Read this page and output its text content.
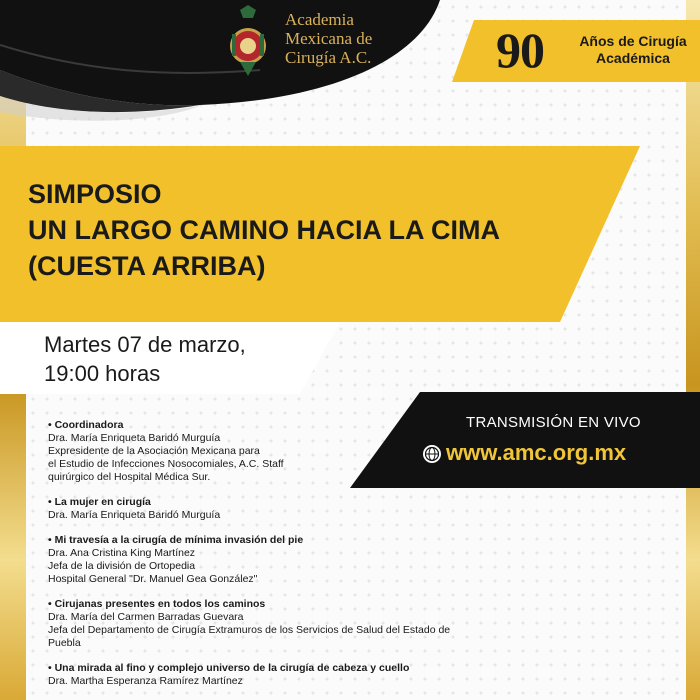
Academia
Mexicana de
Cirugía A.C.	90	Años de Cirugía
Académica
SIMPOSIO
UN LARGO CAMINO HACIA LA CIMA
(CUESTA ARRIBA)
Martes 07 de marzo,
19:00 horas
TRANSMISIÓN EN VIVO
www.amc.org.mx
• Coordinadora
Dra. María Enriqueta Baridó Murguía
Expresidente de la Asociación Mexicana para
el Estudio de Infecciones Nosocomiales, A.C. Staff
quirúrgico del Hospital Médica Sur.
• La mujer en cirugía
Dra. María Enriqueta Baridó Murguía
• Mi travesía a la cirugía de mínima invasión del pie
Dra. Ana Cristina King Martínez
Jefa de la división de Ortopedia
Hospital General "Dr. Manuel Gea González"
• Cirujanas presentes en todos los caminos
Dra. María del Carmen Barradas Guevara
Jefa del Departamento de Cirugía Extramuros de los Servicios de Salud del Estado de
Puebla
• Una mirada al fino y complejo universo de la cirugía de cabeza y cuello
Dra. Martha Esperanza Ramírez Martínez
